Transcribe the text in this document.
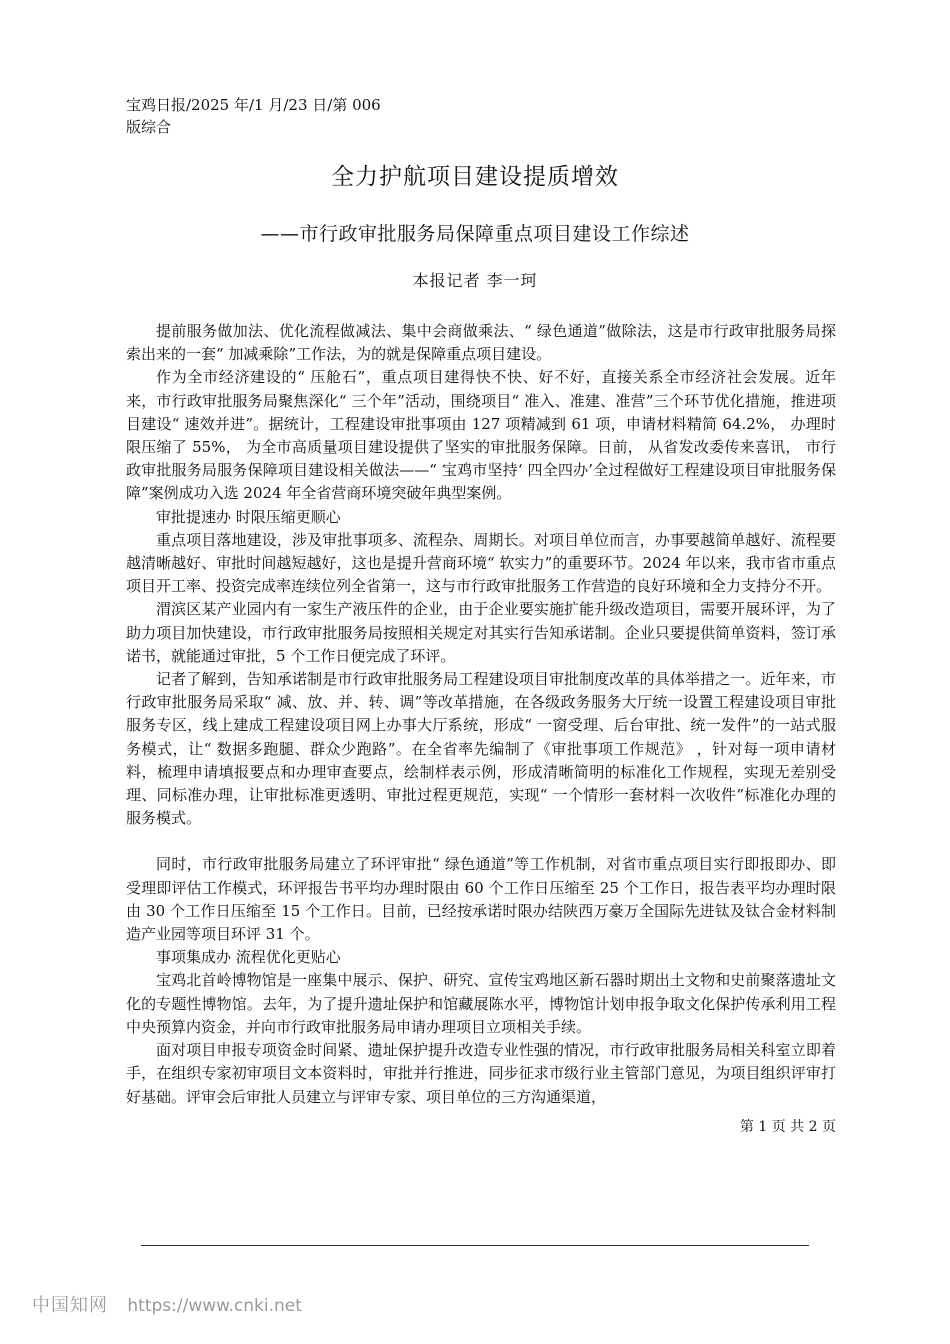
宝鸡日报/2025 年/1 月/23 日/第 006
版综合
全力护航项目建设提质增效
——市行政审批服务局保障重点项目建设工作综述
本报记者 李一珂

提前服务做加法、优化流程做减法、集中会商做乘法、“ 绿色通道”做除法，这是市行政审批服务局探索出来的一套“ 加减乘除”工作法，为的就是保障重点项目建设。

作为全市经济建设的“ 压舱石”，重点项目建得快不快、好不好，直接关系全市经济社会发展。近年来，市行政审批服务局聚焦深化“ 三个年”活动，围绕项目“ 准入、准建、准营”三个环节优化措施，推进项目建设“ 速效并进”。据统计，工程建设审批事项由 127 项精减到 61 项，申请材料精简 64.2%， 办理时限压缩了 55%， 为全市高质量项目建设提供了坚实的审批服务保障。日前， 从省发改委传来喜讯， 市行政审批服务局服务保障项目建设相关做法——“ 宝鸡市坚持‘ 四全四办’全过程做好工程建设项目审批服务保障”案例成功入选 2024 年全省营商环境突破年典型案例。

审批提速办 时限压缩更顺心

重点项目落地建设，涉及审批事项多、流程杂、周期长。对项目单位而言，办事要越简单越好、流程要越清晰越好、审批时间越短越好，这也是提升营商环境“ 软实力”的重要环节。2024 年以来，我市省市重点项目开工率、投资完成率连续位列全省第一，这与市行政审批服务工作营造的良好环境和全力支持分不开。

渭滨区某产业园内有一家生产液压件的企业，由于企业要实施扩能升级改造项目，需要开展环评，为了助力项目加快建设，市行政审批服务局按照相关规定对其实行告知承诺制。企业只要提供简单资料，签订承诺书，就能通过审批，5 个工作日便完成了环评。

记者了解到，告知承诺制是市行政审批服务局工程建设项目审批制度改革的具体举措之一。近年来，市行政审批服务局采取“ 减、放、并、转、调”等改革措施，在各级政务服务大厅统一设置工程建设项目审批服务专区，线上建成工程建设项目网上办事大厅系统，形成“ 一窗受理、后台审批、统一发件”的一站式服务模式，让“ 数据多跑腿、群众少跑路”。在全省率先编制了《审批事项工作规范》 ，针对每一项申请材料，梳理申请填报要点和办理审查要点，绘制样表示例，形成清晰简明的标准化工作规程，实现无差别受理、同标准办理，让审批标准更透明、审批过程更规范，实现“ 一个情形一套材料一次收件”标准化办理的服务模式。

同时，市行政审批服务局建立了环评审批“ 绿色通道”等工作机制，对省市重点项目实行即报即办、即受理即评估工作模式，环评报告书平均办理时限由 60 个工作日压缩至 25 个工作日，报告表平均办理时限由 30 个工作日压缩至 15 个工作日。目前，已经按承诺时限办结陕西万豪万全国际先进钛及钛合金材料制造产业园等项目环评 31 个。

事项集成办 流程优化更贴心

宝鸡北首岭博物馆是一座集中展示、保护、研究、宣传宝鸡地区新石器时期出土文物和史前聚落遗址文化的专题性博物馆。去年，为了提升遗址保护和馆藏展陈水平，博物馆计划申报争取文化保护传承利用工程中央预算内资金，并向市行政审批服务局申请办理项目立项相关手续。

面对项目申报专项资金时间紧、遗址保护提升改造专业性强的情况，市行政审批服务局相关科室立即着手，在组织专家初审项目文本资料时，审批并行推进，同步征求市级行业主管部门意见，为项目组织评审打好基础。评审会后审批人员建立与评审专家、项目单位的三方沟通渠道，

第 1 页 共 2 页
中国知网 https://www.cnki.net
